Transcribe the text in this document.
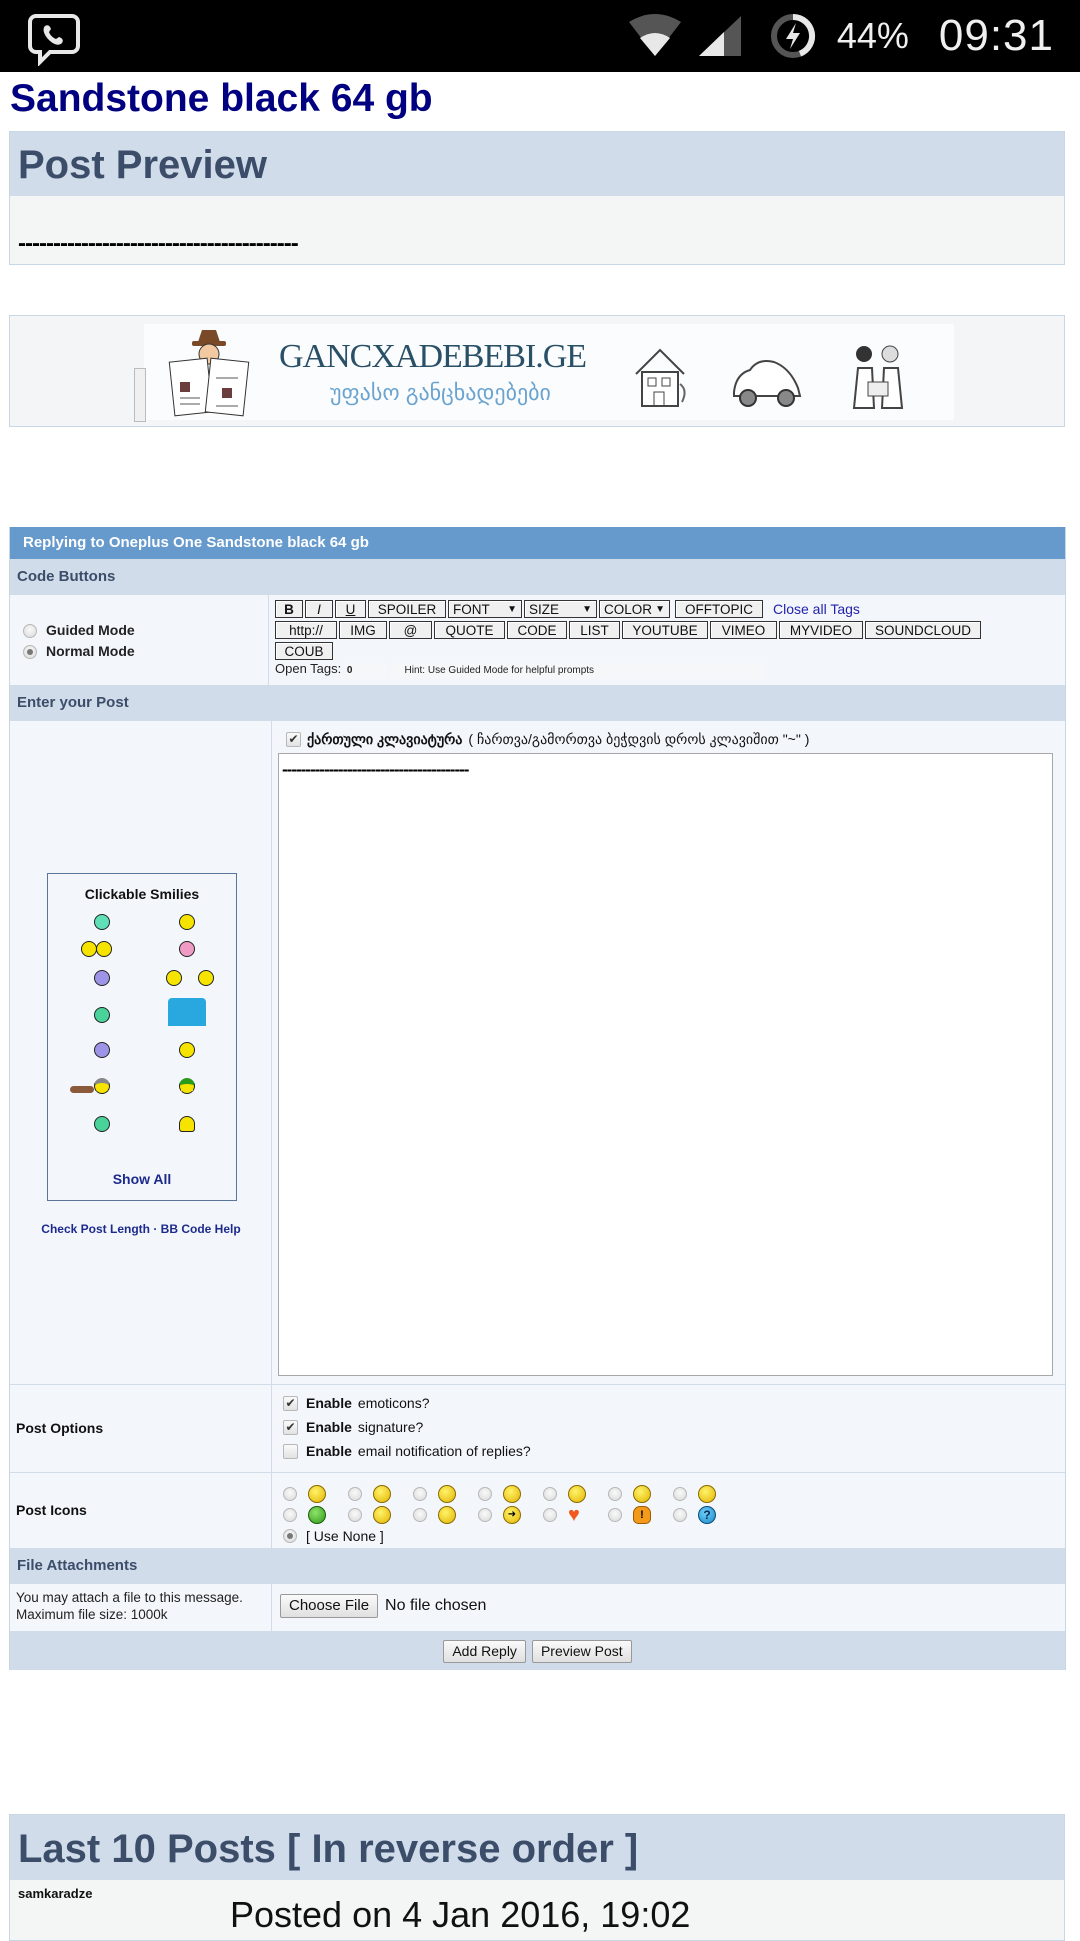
44% 09:31
Sandstone black 64 gb
Post Preview
----------------------------------------
GANCXADEBEBI.GE
უფასო განცხადებები
Replying to Oneplus One Sandstone black 64 gb
Code Buttons
Guided Mode
Normal Mode
B I U SPOILER FONT ▼ SIZE ▼ COLOR ▼ OFFTOPIC Close all Tags
http:// IMG @ QUOTE CODE LIST YOUTUBE VIMEO MYVIDEO SOUNDCLOUD
COUB
Open Tags: 0	Hint: Use Guided Mode for helpful prompts
Enter your Post
Clickable Smilies
Show All
Check Post Length · BB Code Help
✔ ქართული კლავიატურა ( ჩართვა/გამორთვა ბეჭდვის დროს კლავიშით "~" )
----------------------------------------
Post Options
✔ Enable emoticons?
✔ Enable signature?
Enable email notification of replies?
Post Icons	➜	♥	!	?
[ Use None ]
File Attachments
You may attach a file to this message.
Maximum file size: 1000k
Choose File	No file chosen
Add Reply	Preview Post
Last 10 Posts [ In reverse order ]
samkaradze
Posted on 4 Jan 2016, 19:02
